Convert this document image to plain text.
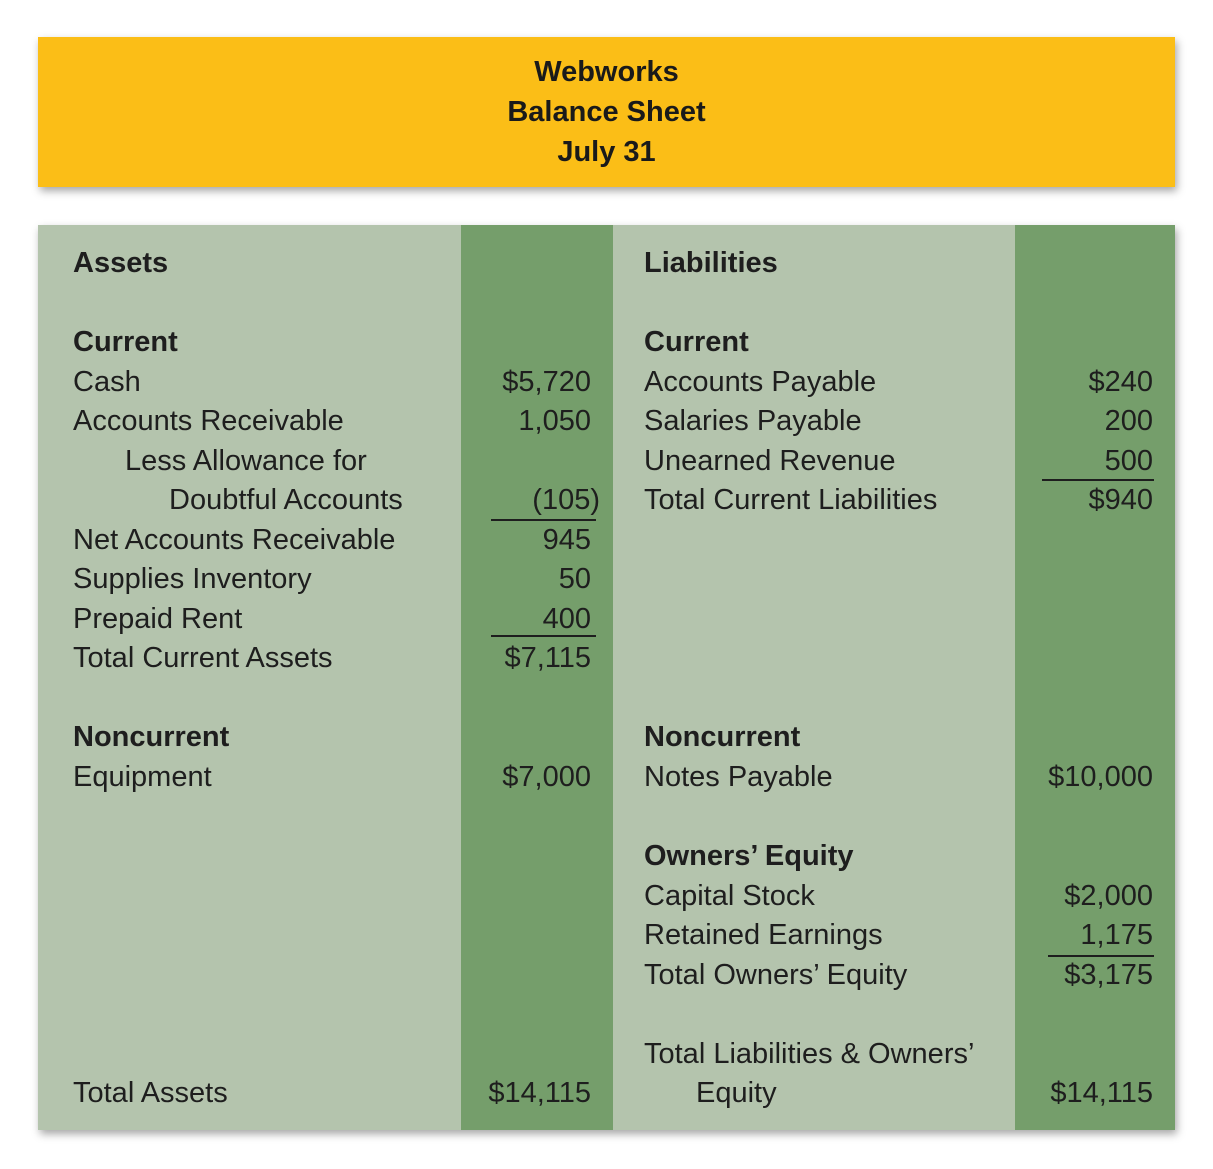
Webworks
Balance Sheet
July 31
Assets
Current
Cash	$5,720
Accounts Receivable	1,050
Less Allowance for
Doubtful Accounts	(105)
Net Accounts Receivable	945
Supplies Inventory	50
Prepaid Rent	400
Total Current Assets	$7,115
Noncurrent
Equipment	$7,000
Total Assets	$14,115
Liabilities
Current
Accounts Payable	$240
Salaries Payable	200
Unearned Revenue	500
Total Current Liabilities	$940
Noncurrent
Notes Payable	$10,000
Owners’ Equity
Capital Stock	$2,000
Retained Earnings	1,175
Total Owners’ Equity	$3,175
Total Liabilities & Owners’
Equity	$14,115
